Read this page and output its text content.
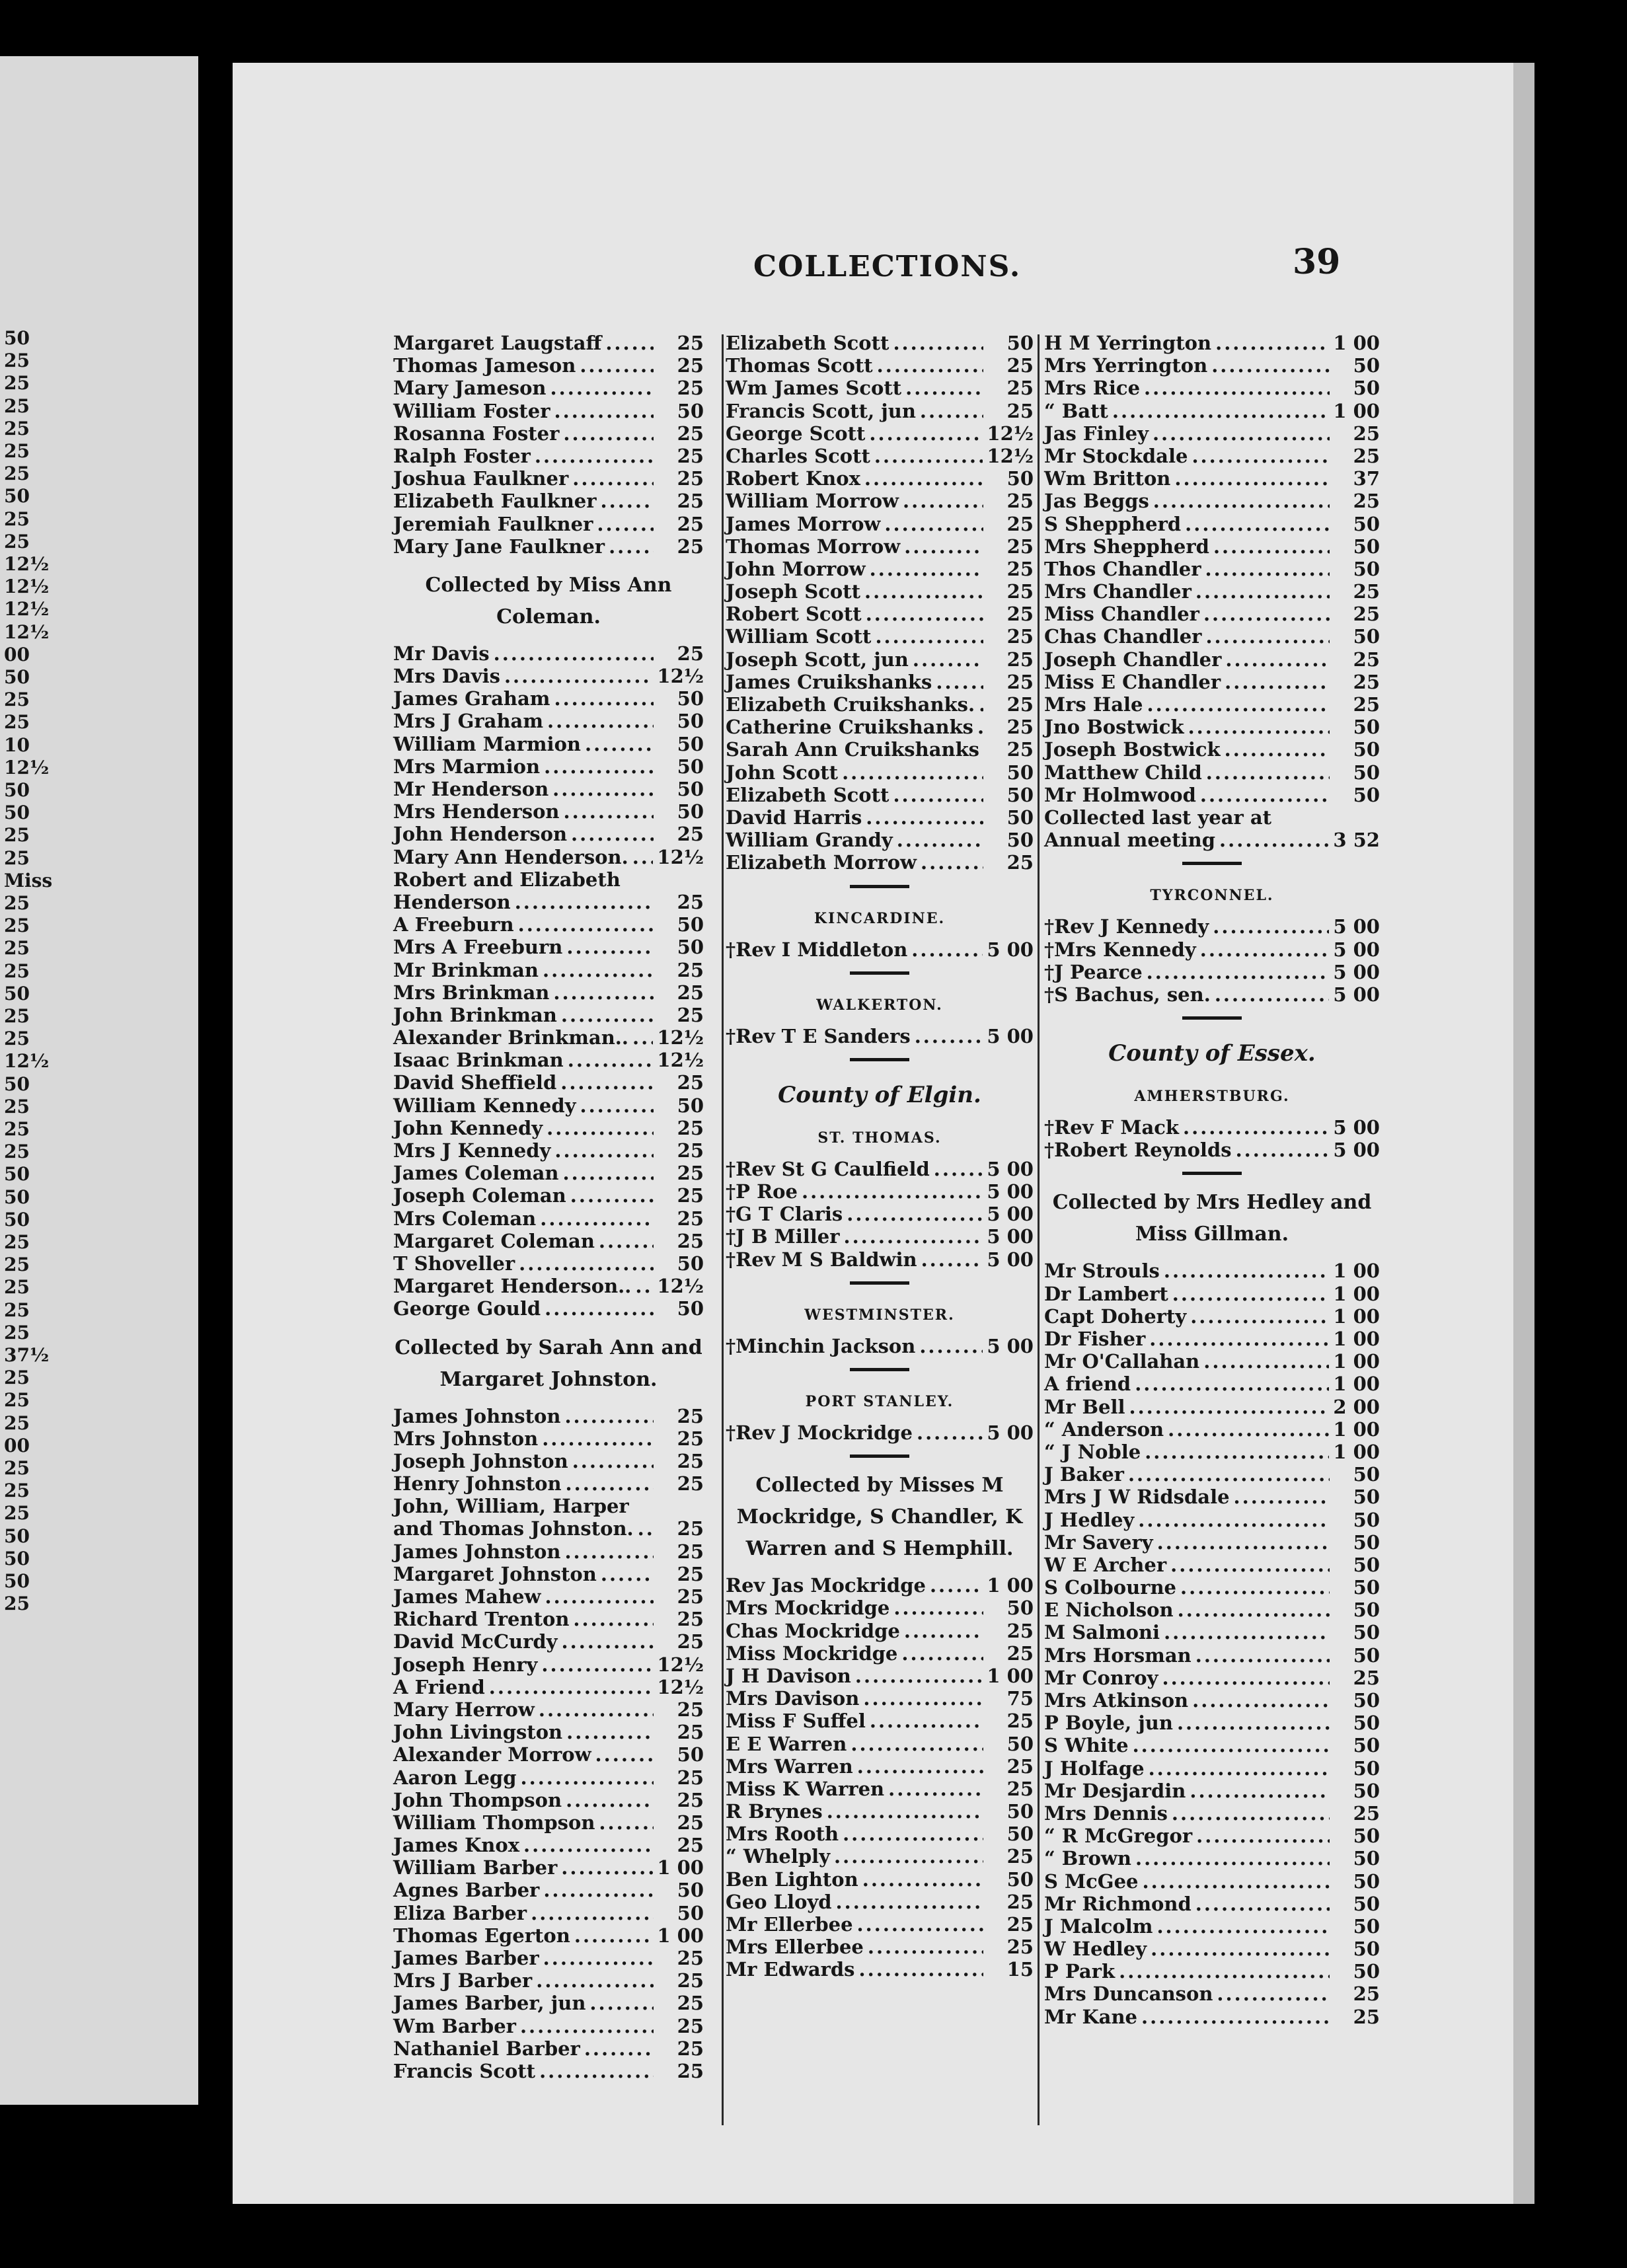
50
25
25
25
25
25
25
50
25
25
12½
12½
12½
12½
00
50
25
25
10
12½
50
50
25
25
Miss
25
25
25
25
50
25
25
12½
50
25
25
25
50
50
50
25
25
25
25
25
37½
25
25
25
00
25
25
25
50
50
50
25
COLLECTIONS.	39
Margaret Laugstaff .....	25
Thomas Jameson .....	25
Mary Jameson .....	25
William Foster .....	50
Rosanna Foster .....	25
Ralph Foster .....	25
Joshua Faulkner .....	25
Elizabeth Faulkner .....	25
Jeremiah Faulkner .....	25
Mary Jane Faulkner .....	25
Collected by Miss Ann Coleman.
Mr Davis .....	25
Mrs Davis .....	12½
James Graham .....	50
Mrs J Graham .....	50
William Marmion .....	50
Mrs Marmion .....	50
Mr Henderson .....	50
Mrs Henderson .....	50
John Henderson .....	25
Mary Ann Henderson. ..... 12½
Robert and Elizabeth
Henderson .....	25
A Freeburn .....	50
Mrs A Freeburn .....	50
Mr Brinkman .....	25
Mrs Brinkman .....	25
John Brinkman .....	25
Alexander Brinkman.. ..... 12½
Isaac Brinkman .....	12½
David Sheffield .....	25
William Kennedy .....	50
John Kennedy .....	25
Mrs J Kennedy .....	25
James Coleman .....	25
Joseph Coleman .....	25
Mrs Coleman .....	25
Margaret Coleman .....	25
T Shoveller .....	50
Margaret Henderson.. ..... 12½
George Gould .....	50
Collected by Sarah Ann and Margaret Johnston.
James Johnston .....	25
Mrs Johnston .....	25
Joseph Johnston .....	25
Henry Johnston .....	25
John, William, Harper
and Thomas Johnston. .....	25
James Johnston .....	25
Margaret Johnston .....	25
James Mahew .....	25
Richard Trenton .....	25
David McCurdy .....	25
Joseph Henry .....	12½
A Friend .....	12½
Mary Herrow .....	25
John Livingston .....	25
Alexander Morrow .....	50
Aaron Legg .....	25
John Thompson .....	25
William Thompson .....	25
James Knox .....	25
William Barber .....	1 00
Agnes Barber .....	50
Eliza Barber .....	50
Thomas Egerton .....	1 00
James Barber .....	25
Mrs J Barber .....	25
James Barber, jun .....	25
Wm Barber .....	25
Nathaniel Barber .....	25
Francis Scott .....	25
Elizabeth Scott .....	50
Thomas Scott .....	25
Wm James Scott .....	25
Francis Scott, jun .....	25
George Scott .....	12½
Charles Scott .....	12½
Robert Knox .....	50
William Morrow .....	25
James Morrow .....	25
Thomas Morrow .....	25
John Morrow .....	25
Joseph Scott .....	25
Robert Scott .....	25
William Scott .....	25
Joseph Scott, jun .....	25
James Cruikshanks .....	25
Elizabeth Cruikshanks. .....	25
Catherine Cruikshanks .....	25
Sarah Ann Cruikshanks	25
John Scott .....	50
Elizabeth Scott .....	50
David Harris .....	50
William Grandy .....	50
Elizabeth Morrow .....	25
KINCARDINE.
†Rev I Middleton .....	5 00
WALKERTON.
†Rev T E Sanders .....	5 00
County of Elgin.
ST. THOMAS.
†Rev St G Caulfield .....	5 00
†P Roe .....	5 00
†G T Claris .....	5 00
†J B Miller .....	5 00
†Rev M S Baldwin .....	5 00
WESTMINSTER.
†Minchin Jackson .....	5 00
PORT STANLEY.
†Rev J Mockridge .....	5 00
Collected by Misses M Mockridge, S Chandler, K Warren and S Hemphill.
Rev Jas Mockridge .....	1 00
Mrs Mockridge .....	50
Chas Mockridge .....	25
Miss Mockridge .....	25
J H Davison .....	1 00
Mrs Davison .....	75
Miss F Suffel .....	25
E E Warren .....	50
Mrs Warren .....	25
Miss K Warren .....	25
R Brynes .....	50
Mrs Rooth .....	50
“ Whelply .....	25
Ben Lighton .....	50
Geo Lloyd .....	25
Mr Ellerbee .....	25
Mrs Ellerbee .....	25
Mr Edwards .....	15
H M Yerrington .....	1 00
Mrs Yerrington .....	50
Mrs Rice .....	50
“ Batt .....	1 00
Jas Finley .....	25
Mr Stockdale .....	25
Wm Britton .....	37
Jas Beggs .....	25
S Sheppherd .....	50
Mrs Sheppherd .....	50
Thos Chandler .....	50
Mrs Chandler .....	25
Miss Chandler .....	25
Chas Chandler .....	50
Joseph Chandler .....	25
Miss E Chandler .....	25
Mrs Hale .....	25
Jno Bostwick .....	50
Joseph Bostwick .....	50
Matthew Child .....	50
Mr Holmwood .....	50
Collected last year at
Annual meeting .....	3 52
TYRCONNEL.
†Rev J Kennedy .....	5 00
†Mrs Kennedy .....	5 00
†J Pearce .....	5 00
†S Bachus, sen. .....	5 00
County of Essex.
AMHERSTBURG.
†Rev F Mack .....	5 00
†Robert Reynolds .....	5 00
Collected by Mrs Hedley and Miss Gillman.
Mr Strouls .....	1 00
Dr Lambert .....	1 00
Capt Doherty .....	1 00
Dr Fisher .....	1 00
Mr O'Callahan .....	1 00
A friend .....	1 00
Mr Bell .....	2 00
“ Anderson .....	1 00
“ J Noble .....	1 00
J Baker .....	50
Mrs J W Ridsdale .....	50
J Hedley .....	50
Mr Savery .....	50
W E Archer .....	50
S Colbourne .....	50
E Nicholson .....	50
M Salmoni .....	50
Mrs Horsman .....	50
Mr Conroy .....	25
Mrs Atkinson .....	50
P Boyle, jun .....	50
S White .....	50
J Holfage .....	50
Mr Desjardin .....	50
Mrs Dennis .....	25
“ R McGregor .....	50
“ Brown .....	50
S McGee .....	50
Mr Richmond .....	50
J Malcolm .....	50
W Hedley .....	50
P Park .....	50
Mrs Duncanson .....	25
Mr Kane .....	25
